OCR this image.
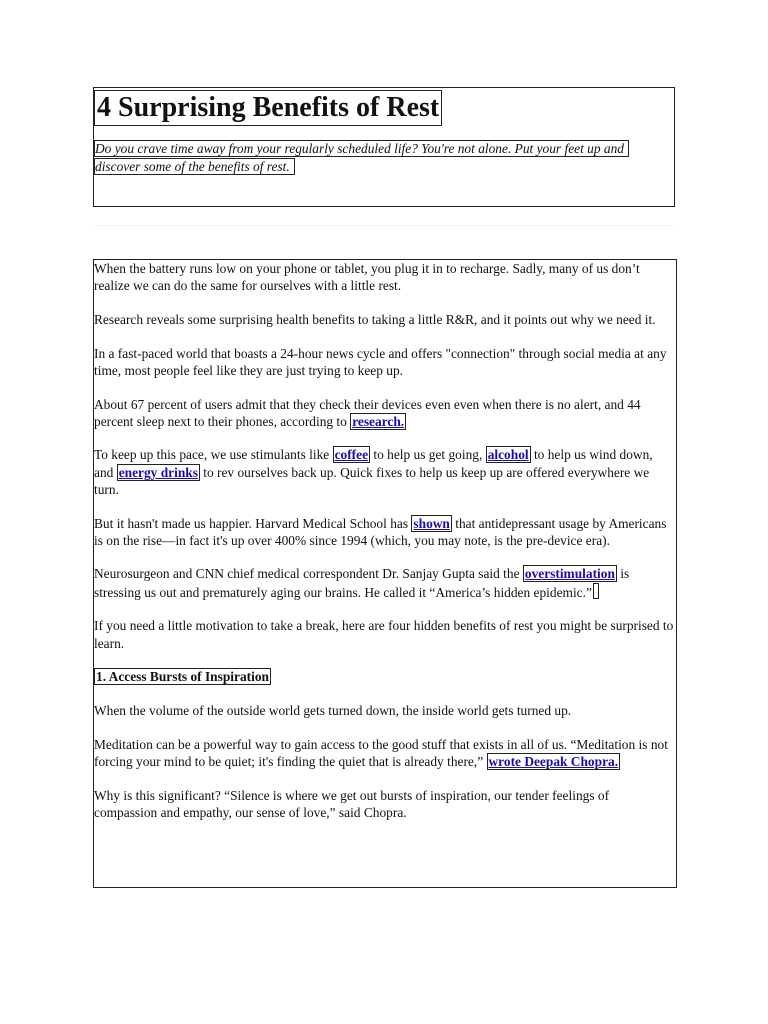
4 Surprising Benefits of Rest

Do you crave time away from your regularly scheduled life? You're not alone. Put your feet up and discover some of the benefits of rest.

When the battery runs low on your phone or tablet, you plug it in to recharge. Sadly, many of us don’t realize we can do the same for ourselves with a little rest.

Research reveals some surprising health benefits to taking a little R&R, and it points out why we need it.

In a fast-paced world that boasts a 24-hour news cycle and offers "connection" through social media at any time, most people feel like they are just trying to keep up.

About 67 percent of users admit that they check their devices even even when there is no alert, and 44 percent sleep next to their phones, according to research.

To keep up this pace, we use stimulants like coffee to help us get going, alcohol to help us wind down, and energy drinks to rev ourselves back up. Quick fixes to help us keep up are offered everywhere we turn.

But it hasn't made us happier. Harvard Medical School has shown that antidepressant usage by Americans is on the rise—in fact it's up over 400% since 1994 (which, you may note, is the pre-device era).

Neurosurgeon and CNN chief medical correspondent Dr. Sanjay Gupta said the overstimulation is stressing us out and prematurely aging our brains. He called it “America’s hidden epidemic.”

If you need a little motivation to take a break, here are four hidden benefits of rest you might be surprised to learn.

1. Access Bursts of Inspiration

When the volume of the outside world gets turned down, the inside world gets turned up.

Meditation can be a powerful way to gain access to the good stuff that exists in all of us. “Meditation is not forcing your mind to be quiet; it's finding the quiet that is already there,” wrote Deepak Chopra.

Why is this significant? “Silence is where we get out bursts of inspiration, our tender feelings of compassion and empathy, our sense of love,” said Chopra.
